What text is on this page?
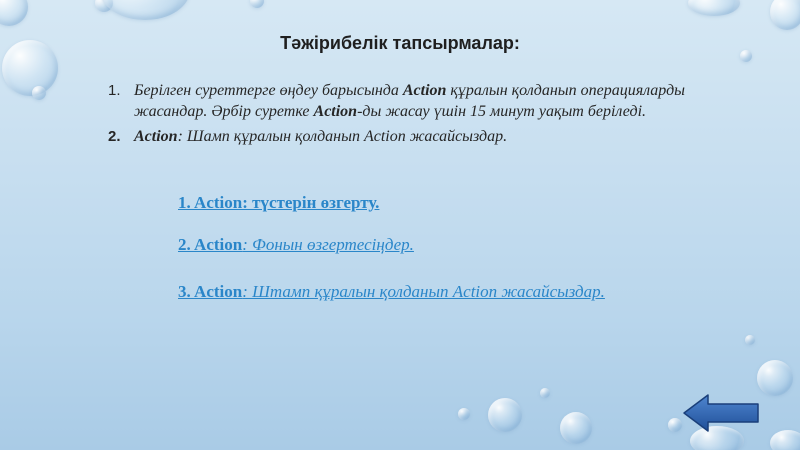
Тәжірибелік тапсырмалар:
1. Берілген суреттерге өңдеу барысында Action құралын қолданып операцияларды жасандар. Әрбір суретке Action-ды жасау үшін 15 минут уақыт беріледі.
2. Action: Шамп құралын қолданып Action жасайсыздар.
1. Action: түстерін өзгерту.
2. Action: Фонын өзгертесіңдер.
3. Action: Штамп құралын қолданып Action жасайсыздар.
